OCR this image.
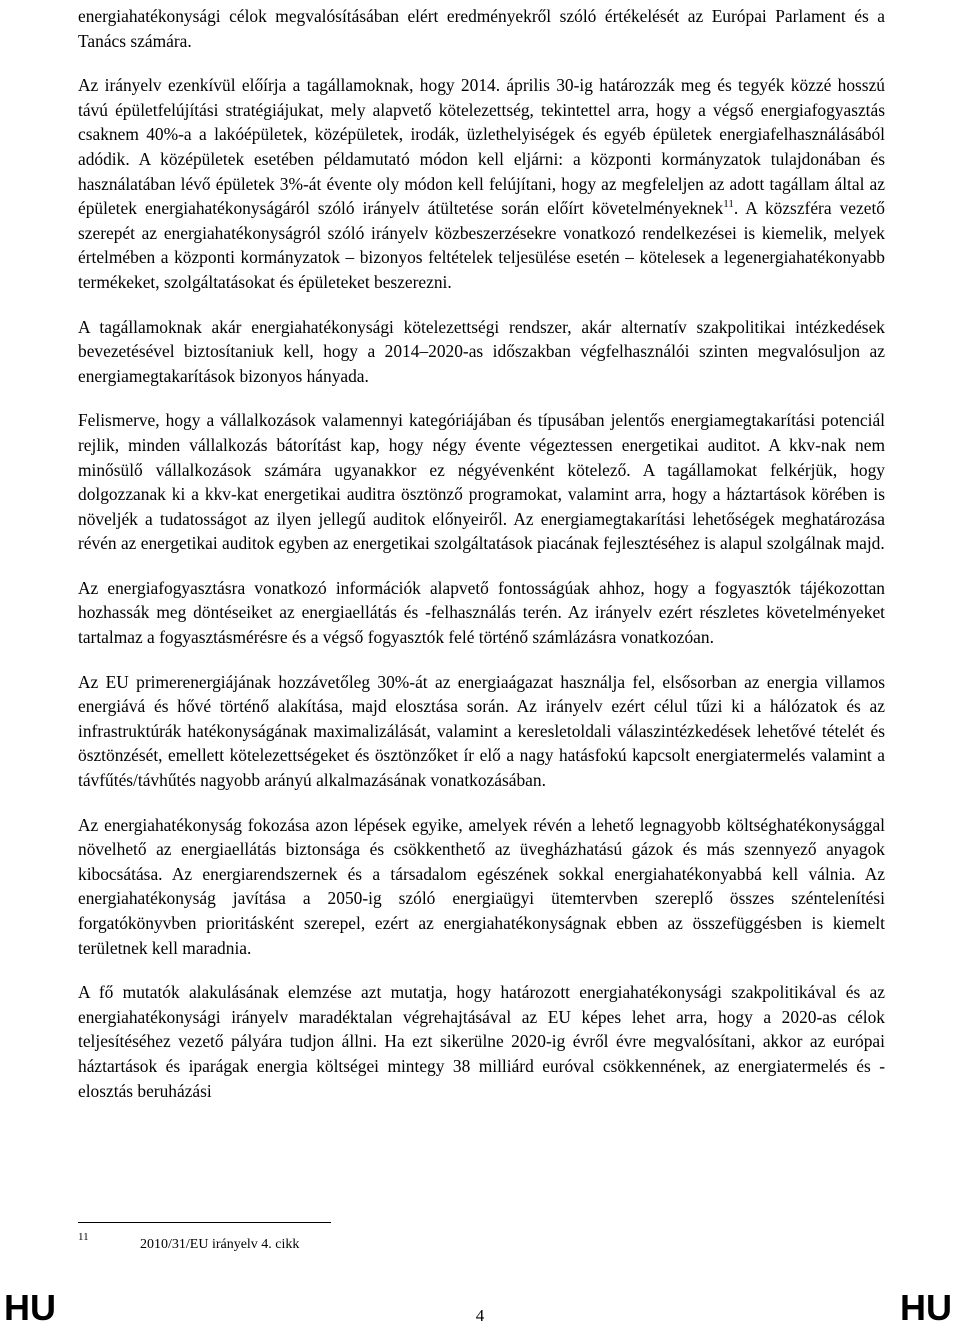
energiahatékonysági célok megvalósításában elért eredményekről szóló értékelését az Európai Parlament és a Tanács számára.

Az irányelv ezenkívül előírja a tagállamoknak, hogy 2014. április 30-ig határozzák meg és tegyék közzé hosszú távú épületfelújítási stratégiájukat, mely alapvető kötelezettség, tekintettel arra, hogy a végső energiafogyasztás csaknem 40%-a a lakóépületek, középületek, irodák, üzlethelyiségek és egyéb épületek energiafelhasználásából adódik. A középületek esetében példamutató módon kell eljárni: a központi kormányzatok tulajdonában és használatában lévő épületek 3%-át évente oly módon kell felújítani, hogy az megfeleljen az adott tagállam által az épületek energiahatékonyságáról szóló irányelv átültetése során előírt követelményeknek$^{11}$. A közszféra vezető szerepét az energiahatékonyságról szóló irányelv közbeszerzésekre vonatkozó rendelkezései is kiemelik, melyek értelmében a központi kormányzatok – bizonyos feltételek teljesülése esetén – kötelesek a legenergiahatékonyabb termékeket, szolgáltatásokat és épületeket beszerezni.

A tagállamoknak akár energiahatékonysági kötelezettségi rendszer, akár alternatív szakpolitikai intézkedések bevezetésével biztosítaniuk kell, hogy a 2014–2020-as időszakban végfelhasználói szinten megvalósuljon az energiamegtakarítások bizonyos hányada.

Felismerve, hogy a vállalkozások valamennyi kategóriájában és típusában jelentős energiamegtakarítási potenciál rejlik, minden vállalkozás bátorítást kap, hogy négy évente végeztessen energetikai auditot. A kkv-nak nem minősülő vállalkozások számára ugyanakkor ez négyévenként kötelező. A tagállamokat felkérjük, hogy dolgozzanak ki a kkv-kat energetikai auditra ösztönző programokat, valamint arra, hogy a háztartások körében is növeljék a tudatosságot az ilyen jellegű auditok előnyeiről. Az energiamegtakarítási lehetőségek meghatározása révén az energetikai auditok egyben az energetikai szolgáltatások piacának fejlesztéséhez is alapul szolgálnak majd.

Az energiafogyasztásra vonatkozó információk alapvető fontosságúak ahhoz, hogy a fogyasztók tájékozottan hozhassák meg döntéseiket az energiaellátás és -felhasználás terén. Az irányelv ezért részletes követelményeket tartalmaz a fogyasztásmérésre és a végső fogyasztók felé történő számlázásra vonatkozóan.

Az EU primerenergiájának hozzávetőleg 30%-át az energiaágazat használja fel, elsősorban az energia villamos energiává és hővé történő alakítása, majd elosztása során. Az irányelv ezért célul tűzi ki a hálózatok és az infrastruktúrák hatékonyságának maximalizálását, valamint a keresletoldali válaszintézkedések lehetővé tételét és ösztönzését, emellett kötelezettségeket és ösztönzőket ír elő a nagy hatásfokú kapcsolt energiatermelés valamint a távfűtés/távhűtés nagyobb arányú alkalmazásának vonatkozásában.

Az energiahatékonyság fokozása azon lépések egyike, amelyek révén a lehető legnagyobb költséghatékonysággal növelhető az energiaellátás biztonsága és csökkenthető az üvegházhatású gázok és más szennyező anyagok kibocsátása. Az energiarendszernek és a társadalom egészének sokkal energiahatékonyabbá kell válnia. Az energiahatékonyság javítása a 2050-ig szóló energiaügyi ütemtervben szereplő összes széntelenítési forgatókönyvben prioritásként szerepel, ezért az energiahatékonyságnak ebben az összefüggésben is kiemelt területnek kell maradnia.

A fő mutatók alakulásának elemzése azt mutatja, hogy határozott energiahatékonysági szakpolitikával és az energiahatékonysági irányelv maradéktalan végrehajtásával az EU képes lehet arra, hogy a 2020-as célok teljesítéséhez vezető pályára tudjon állni. Ha ezt sikerülne 2020-ig évről évre megvalósítani, akkor az európai háztartások és iparágak energia költségei mintegy 38 milliárd euróval csökkennének, az energiatermelés és -elosztás beruházási

11	2010/31/EU irányelv 4. cikk
HU	4	HU
